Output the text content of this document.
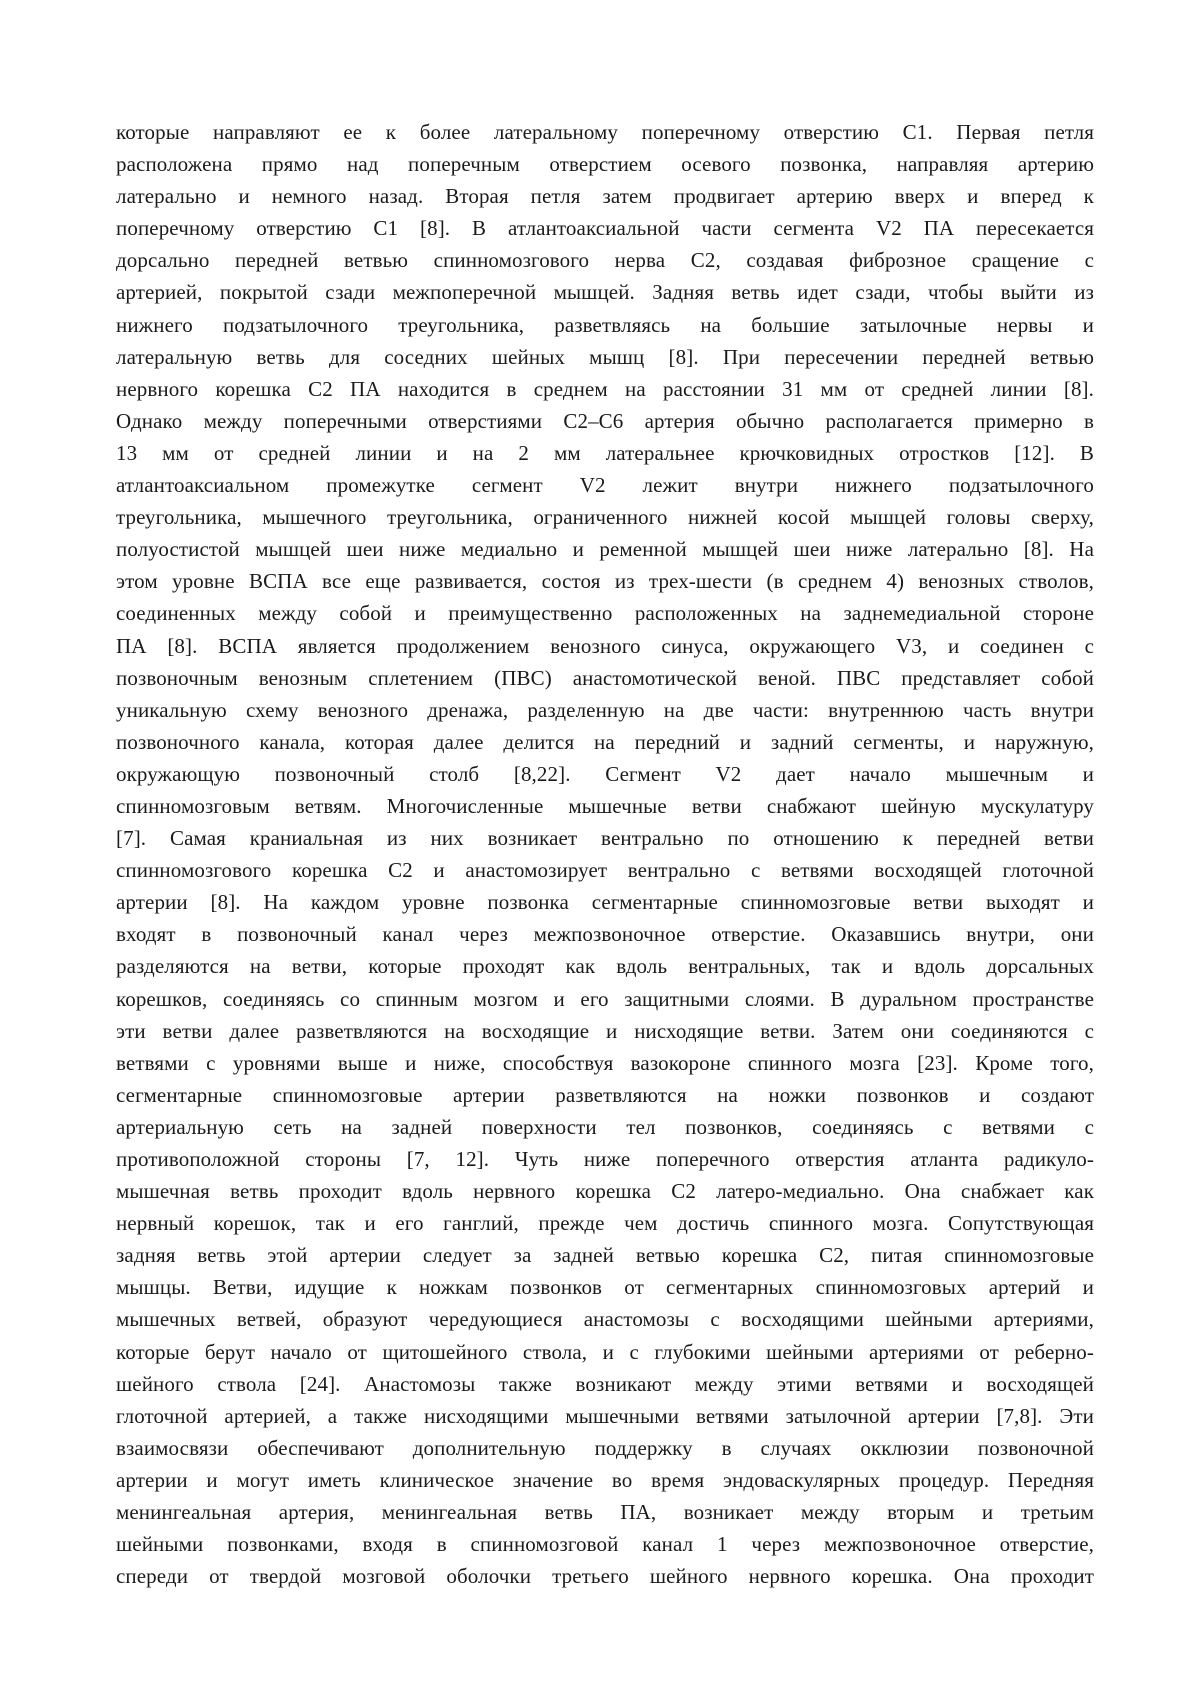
которые направляют ее к более латеральному поперечному отверстию С1. Первая петля
расположена прямо над поперечным отверстием осевого позвонка, направляя артерию
латерально и немного назад. Вторая петля затем продвигает артерию вверх и вперед к
поперечному отверстию С1 [8]. В атлантоаксиальной части сегмента V2 ПА пересекается
дорсально передней ветвью спинномозгового нерва С2, создавая фиброзное сращение с
артерией, покрытой сзади межпоперечной мышцей. Задняя ветвь идет сзади, чтобы выйти из
нижнего подзатылочного треугольника, разветвляясь на большие затылочные нервы и
латеральную ветвь для соседних шейных мышц [8]. При пересечении передней ветвью
нервного корешка С2 ПА находится в среднем на расстоянии 31 мм от средней линии [8].
Однако между поперечными отверстиями С2–С6 артерия обычно располагается примерно в
13 мм от средней линии и на 2 мм латеральнее крючковидных отростков [12]. В
атлантоаксиальном промежутке сегмент V2 лежит внутри нижнего подзатылочного
треугольника, мышечного треугольника, ограниченного нижней косой мышцей головы сверху,
полуостистой мышцей шеи ниже медиально и ременной мышцей шеи ниже латерально [8]. На
этом уровне ВСПА все еще развивается, состоя из трех-шести (в среднем 4) венозных стволов,
соединенных между собой и преимущественно расположенных на заднемедиальной стороне
ПА [8]. ВСПА является продолжением венозного синуса, окружающего V3, и соединен с
позвоночным венозным сплетением (ПВС) анастомотической веной. ПВС представляет собой
уникальную схему венозного дренажа, разделенную на две части: внутреннюю часть внутри
позвоночного канала, которая далее делится на передний и задний сегменты, и наружную,
окружающую позвоночный столб [8,22]. Сегмент V2 дает начало мышечным и
спинномозговым ветвям. Многочисленные мышечные ветви снабжают шейную мускулатуру
[7]. Самая краниальная из них возникает вентрально по отношению к передней ветви
спинномозгового корешка С2 и анастомозирует вентрально с ветвями восходящей глоточной
артерии [8]. На каждом уровне позвонка сегментарные спинномозговые ветви выходят и
входят в позвоночный канал через межпозвоночное отверстие. Оказавшись внутри, они
разделяются на ветви, которые проходят как вдоль вентральных, так и вдоль дорсальных
корешков, соединяясь со спинным мозгом и его защитными слоями. В дуральном пространстве
эти ветви далее разветвляются на восходящие и нисходящие ветви. Затем они соединяются с
ветвями с уровнями выше и ниже, способствуя вазокороне спинного мозга [23]. Кроме того,
сегментарные спинномозговые артерии разветвляются на ножки позвонков и создают
артериальную сеть на задней поверхности тел позвонков, соединяясь с ветвями с
противоположной стороны [7, 12]. Чуть ниже поперечного отверстия атланта радикуло-
мышечная ветвь проходит вдоль нервного корешка С2 латеро-медиально. Она снабжает как
нервный корешок, так и его ганглий, прежде чем достичь спинного мозга. Сопутствующая
задняя ветвь этой артерии следует за задней ветвью корешка С2, питая спинномозговые
мышцы. Ветви, идущие к ножкам позвонков от сегментарных спинномозговых артерий и
мышечных ветвей, образуют чередующиеся анастомозы с восходящими шейными артериями,
которые берут начало от щитошейного ствола, и с глубокими шейными артериями от реберно-
шейного ствола [24]. Анастомозы также возникают между этими ветвями и восходящей
глоточной артерией, а также нисходящими мышечными ветвями затылочной артерии [7,8]. Эти
взаимосвязи обеспечивают дополнительную поддержку в случаях окклюзии позвоночной
артерии и могут иметь клиническое значение во время эндоваскулярных процедур. Передняя
менингеальная артерия, менингеальная ветвь ПА, возникает между вторым и третьим
шейными позвонками, входя в спинномозговой канал 1 через межпозвоночное отверстие,
спереди от твердой мозговой оболочки третьего шейного нервного корешка. Она проходит
